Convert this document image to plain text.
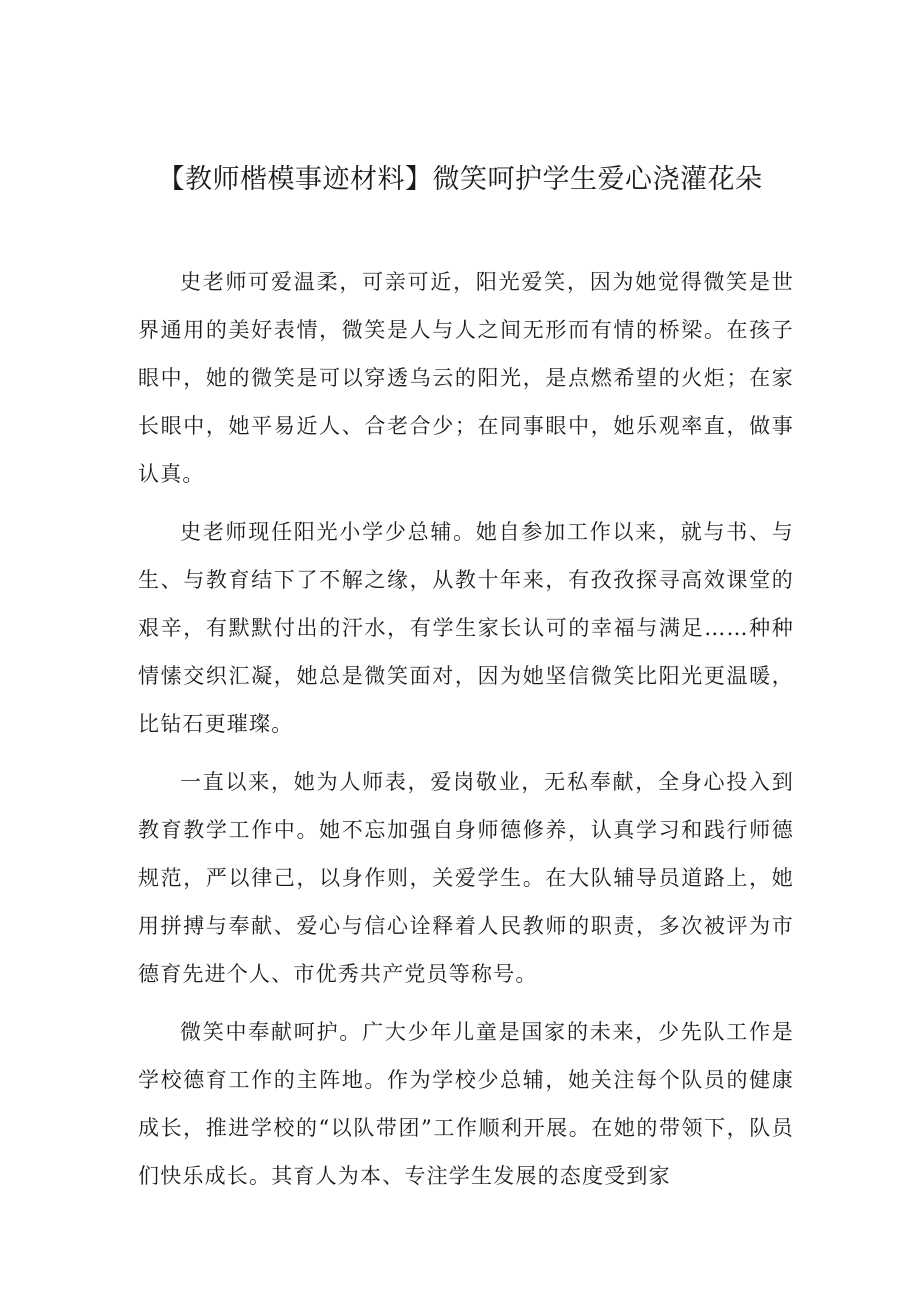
【教师楷模事迹材料】微笑呵护学生爱心浇灌花朵

史老师可爱温柔，可亲可近，阳光爱笑，因为她觉得微笑是世界通用的美好表情，微笑是人与人之间无形而有情的桥梁。在孩子眼中，她的微笑是可以穿透乌云的阳光，是点燃希望的火炬；在家长眼中，她平易近人、合老合少；在同事眼中，她乐观率直，做事认真。

史老师现任阳光小学少总辅。她自参加工作以来，就与书、与生、与教育结下了不解之缘，从教十年来，有孜孜探寻高效课堂的艰辛，有默默付出的汗水，有学生家长认可的幸福与满足……种种情愫交织汇凝，她总是微笑面对，因为她坚信微笑比阳光更温暖，比钻石更璀璨。

一直以来，她为人师表，爱岗敬业，无私奉献，全身心投入到教育教学工作中。她不忘加强自身师德修养，认真学习和践行师德规范，严以律己，以身作则，关爱学生。在大队辅导员道路上，她用拼搏与奉献、爱心与信心诠释着人民教师的职责，多次被评为市德育先进个人、市优秀共产党员等称号。

微笑中奉献呵护。广大少年儿童是国家的未来，少先队工作是学校德育工作的主阵地。作为学校少总辅，她关注每个队员的健康成长，推进学校的“以队带团”工作顺利开展。在她的带领下，队员们快乐成长。其育人为本、专注学生发展的态度受到家
